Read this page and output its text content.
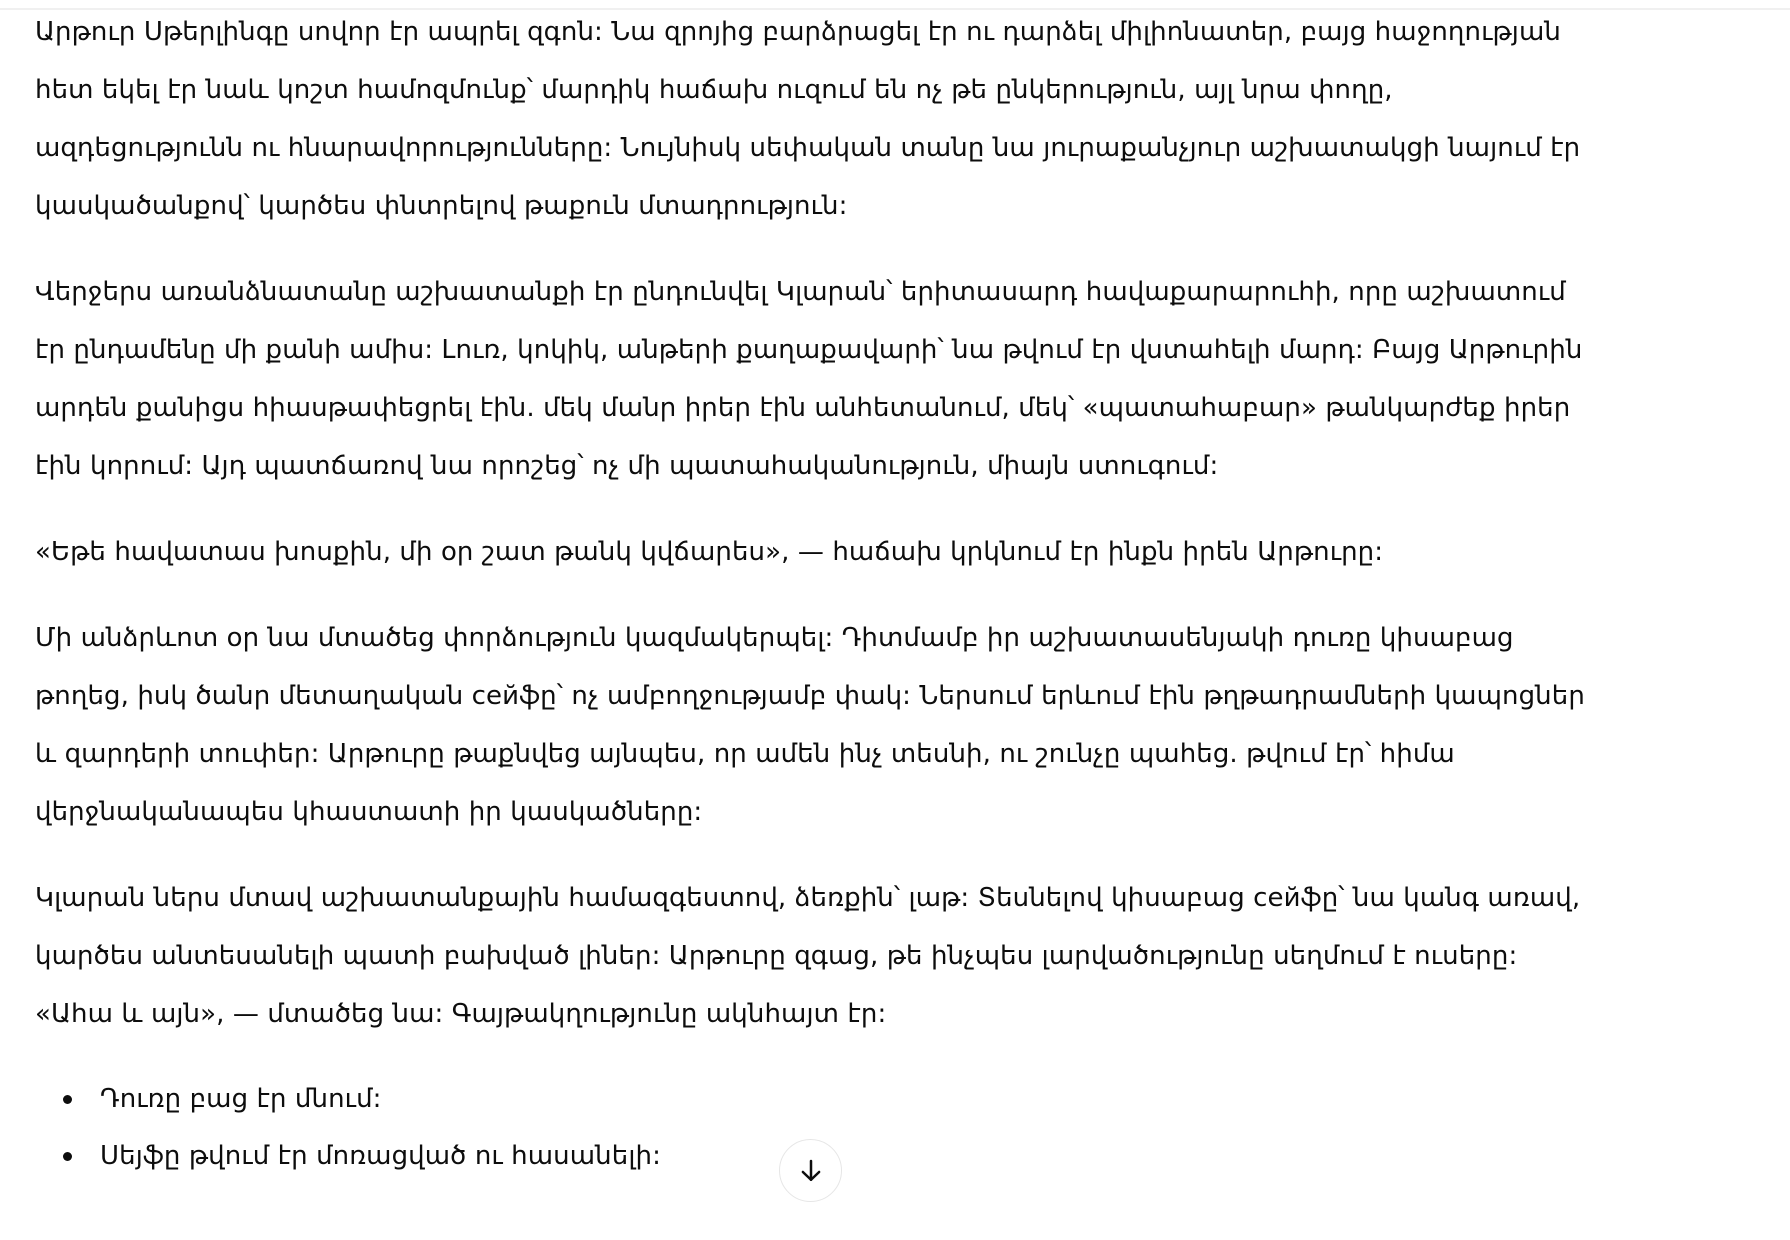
Արթուր Սթերլինգը սովոր էր ապրել զգոն: Նա զրոյից բարձրացել էր ու դարձել միլիոնատեր, բայց հաջողության հետ եկել էր նաև կոշտ համոզմունք՝ մարդիկ հաճախ ուզում են ոչ թե ընկերություն, այլ նրա փողը, ազդեցությունն ու հնարավորությունները: Նույնիսկ սեփական տանը նա յուրաքանչյուր աշխատակցի նայում էր կասկածանքով՝ կարծես փնտրելով թաքուն մտադրություն:

Վերջերս առանձնատանը աշխատանքի էր ընդունվել Կլարան՝ երիտասարդ հավաքարարուհի, որը աշխատում էր ընդամենը մի քանի ամիս: Լուռ, կոկիկ, անթերի քաղաքավարի՝ նա թվում էր վստահելի մարդ: Բայց Արթուրին արդեն քանիցս հիասթափեցրել էին. մեկ մանր իրեր էին անհետանում, մեկ՝ «պատահաբար» թանկարժեք իրեր էին կորում: Այդ պատճառով նա որոշեց՝ ոչ մի պատահականություն, միայն ստուգում:

«Եթե հավատաս խոսքին, մի օր շատ թանկ կվճարես», — հաճախ կրկնում էր ինքն իրեն Արթուրը:

Մի անձրևոտ օր նա մտածեց փորձություն կազմակերպել: Դիտմամբ իր աշխատասենյակի դուռը կիսաբաց թողեց, իսկ ծանր մետաղական сейֆը՝ ոչ ամբողջությամբ փակ: Ներսում երևում էին թղթադրամների կապոցներ և զարդերի տուփեր: Արթուրը թաքնվեց այնպես, որ ամեն ինչ տեսնի, ու շունչը պահեց. թվում էր՝ հիմա վերջնականապես կհաստատի իր կասկածները:

Կլարան ներս մտավ աշխատանքային համազգեստով, ձեռքին՝ լաթ: Տեսնելով կիսաբաց сейֆը՝ նա կանգ առավ, կարծես անտեսանելի պատի բախված լիներ: Արթուրը զգաց, թե ինչպես լարվածությունը սեղմում է ուսերը: «Ահա և այն», — մտածեց նա: Գայթակղությունը ակնհայտ էր:

Դուռը բաց էր մնում:
Սեյֆը թվում էր մոռացված ու հասանելի:
